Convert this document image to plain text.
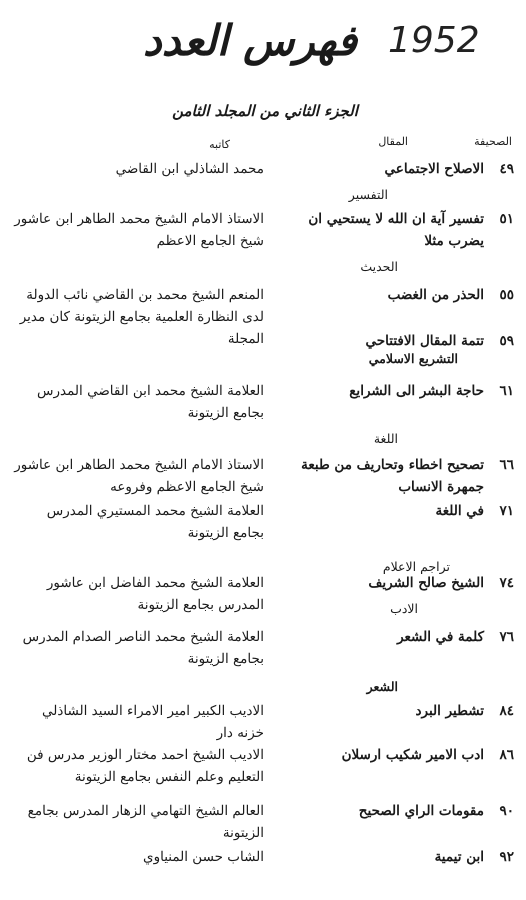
فهرس العدد 1952
الجزء الثاني من المجلد الثامن
الصحيفة
المقال
كاتبه
التفسير
الحديث
التشريع الاسلامي
اللغة
تراجم الاعلام
الادب
الشعر
٤٩
الاصلاح الاجتماعي
محمد الشاذلي ابن القاضي
٥١
تفسير آية ان الله لا يستحيي ان يضرب مثلا
الاستاذ الامام الشيخ محمد الطاهر ابن عاشور شيخ الجامع الاعظم
٥٥
الحذر من الغضب
المنعم الشيخ محمد بن القاضي نائب الدولة لدى النظارة العلمية بجامع الزيتونة كان مدير المجلة	٥٩
تتمة المقال الافتتاحي
٦١
حاجة البشر الى الشرايع
العلامة الشيخ محمد ابن القاضي المدرس بجامع الزيتونة
٦٦
تصحيح اخطاء وتحاريف من طبعة جمهرة الانساب
الاستاذ الامام الشيخ محمد الطاهر ابن عاشور شيخ الجامع الاعظم وفروعه
٧١
في اللغة
العلامة الشيخ محمد المستيري المدرس بجامع الزيتونة
٧٤
الشيخ صالح الشريف
العلامة الشيخ محمد الفاضل ابن عاشور المدرس بجامع الزيتونة
٧٦
كلمة في الشعر
العلامة الشيخ محمد الناصر الصدام المدرس بجامع الزيتونة
٨٤
تشطير البرد
الاديب الكبير امير الامراء السيد الشاذلي خزنه دار
٨٦
ادب الامير شكيب ارسلان
الاديب الشيخ احمد مختار الوزير مدرس فن التعليم وعلم النفس بجامع الزيتونة
٩٠
مقومات الراي الصحيح
العالم الشيخ التهامي الزهار المدرس بجامع الزيتونة
٩٢
ابن تيمية
الشاب حسن المنياوي
